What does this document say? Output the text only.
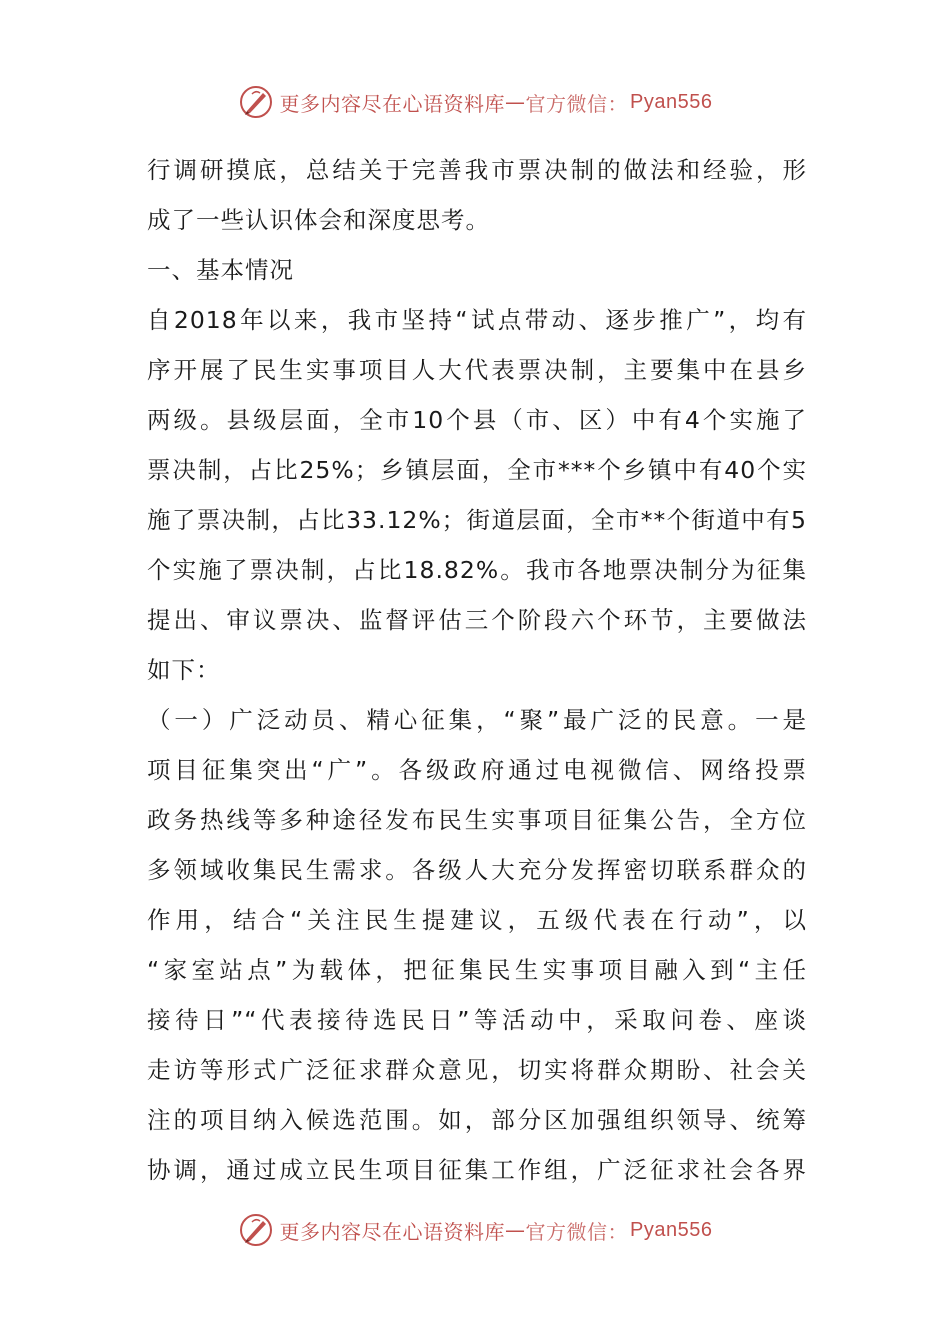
更多内容尽在心语资料库 — 官方微信： Pyan556
行调研摸底，总结关于完善我市票决制的做法和经验，形
成了一些认识体会和深度思考。
一、基本情况
自2018年以来，我市坚持“试点带动、逐步推广”，均有
序开展了民生实事项目人大代表票决制，主要集中在县乡
两级。县级层面，全市10个县（市、区）中有4个实施了
票决制，占比25%；乡镇层面，全市***个乡镇中有40个实
施了票决制，占比33.12%；街道层面，全市**个街道中有5
个实施了票决制，占比18.82%。我市各地票决制分为征集
提出、审议票决、监督评估三个阶段六个环节，主要做法
如下：
（一）广泛动员、精心征集，“聚”最广泛的民意。一是
项目征集突出“广”。各级政府通过电视微信、网络投票
政务热线等多种途径发布民生实事项目征集公告，全方位
多领域收集民生需求。各级人大充分发挥密切联系群众的
作用，结合“关注民生提建议，五级代表在行动”，以
“家室站点”为载体，把征集民生实事项目融入到“主任
接待日”“代表接待选民日”等活动中，采取问卷、座谈
走访等形式广泛征求群众意见，切实将群众期盼、社会关
注的项目纳入候选范围。如，部分区加强组织领导、统筹
协调，通过成立民生项目征集工作组，广泛征求社会各界
更多内容尽在心语资料库 — 官方微信： Pyan556
